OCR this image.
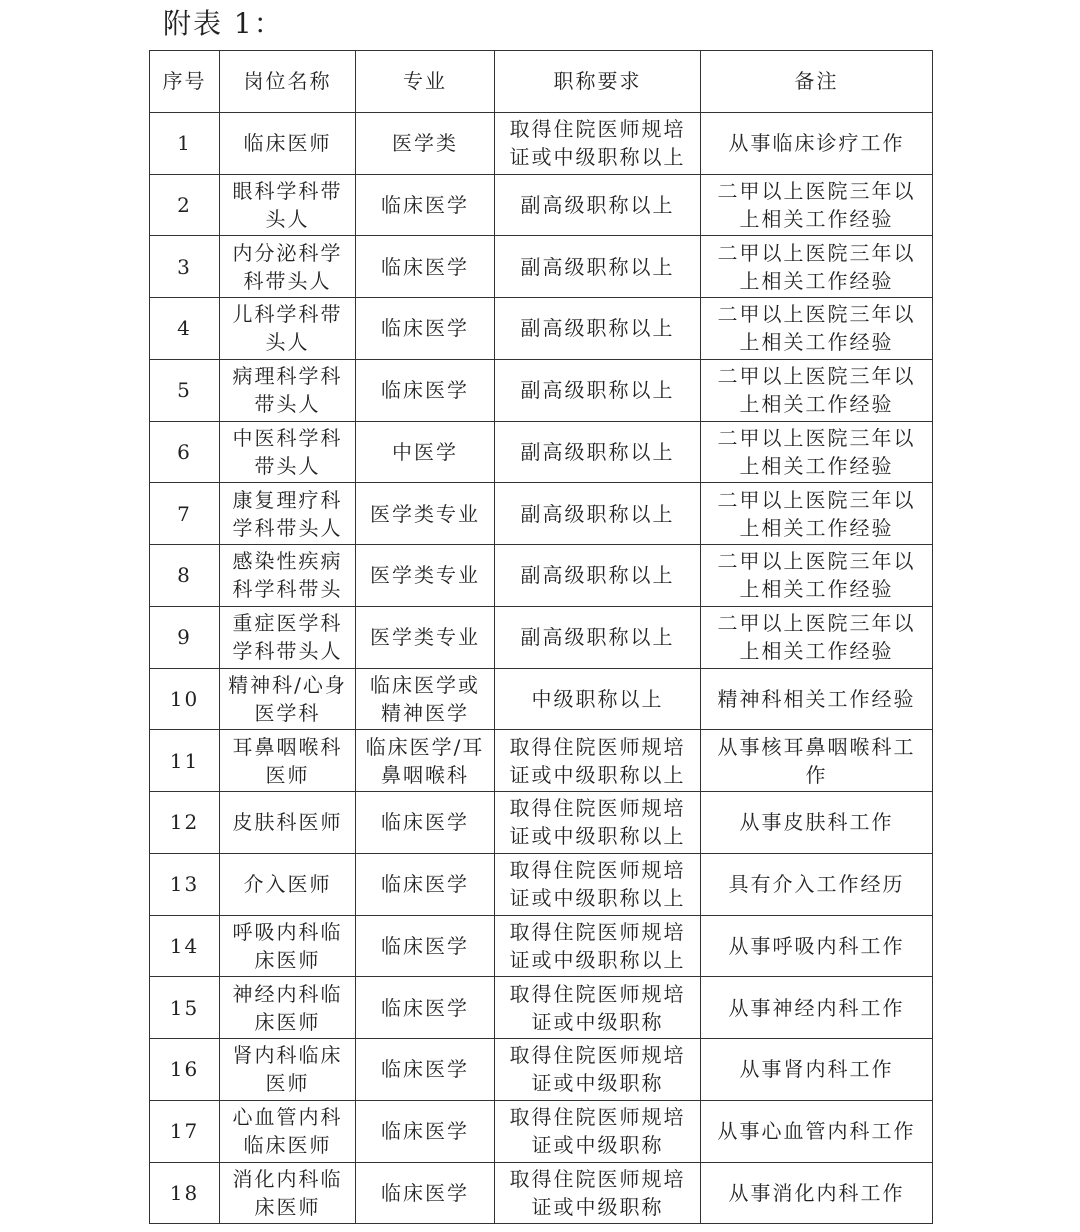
附表 1：
序号	岗位名称	专业	职称要求	备注
1	临床医师	医学类	取得住院医师规培证或中级职称以上	从事临床诊疗工作
2	眼科学科带头人	临床医学	副高级职称以上	二甲以上医院三年以上相关工作经验
3	内分泌科学科带头人	临床医学	副高级职称以上	二甲以上医院三年以上相关工作经验
4	儿科学科带头人	临床医学	副高级职称以上	二甲以上医院三年以上相关工作经验
5	病理科学科带头人	临床医学	副高级职称以上	二甲以上医院三年以上相关工作经验
6	中医科学科带头人	中医学	副高级职称以上	二甲以上医院三年以上相关工作经验
7	康复理疗科学科带头人	医学类专业	副高级职称以上	二甲以上医院三年以上相关工作经验
8	感染性疾病科学科带头	医学类专业	副高级职称以上	二甲以上医院三年以上相关工作经验
9	重症医学科学科带头人	医学类专业	副高级职称以上	二甲以上医院三年以上相关工作经验
10	精神科/心身医学科	临床医学或精神医学	中级职称以上	精神科相关工作经验
11	耳鼻咽喉科医师	临床医学/耳鼻咽喉科	取得住院医师规培证或中级职称以上	从事核耳鼻咽喉科工作
12	皮肤科医师	临床医学	取得住院医师规培证或中级职称以上	从事皮肤科工作
13	介入医师	临床医学	取得住院医师规培证或中级职称以上	具有介入工作经历
14	呼吸内科临床医师	临床医学	取得住院医师规培证或中级职称以上	从事呼吸内科工作
15	神经内科临床医师	临床医学	取得住院医师规培证或中级职称	从事神经内科工作
16	肾内科临床医师	临床医学	取得住院医师规培证或中级职称	从事肾内科工作
17	心血管内科临床医师	临床医学	取得住院医师规培证或中级职称	从事心血管内科工作
18	消化内科临床医师	临床医学	取得住院医师规培证或中级职称	从事消化内科工作
